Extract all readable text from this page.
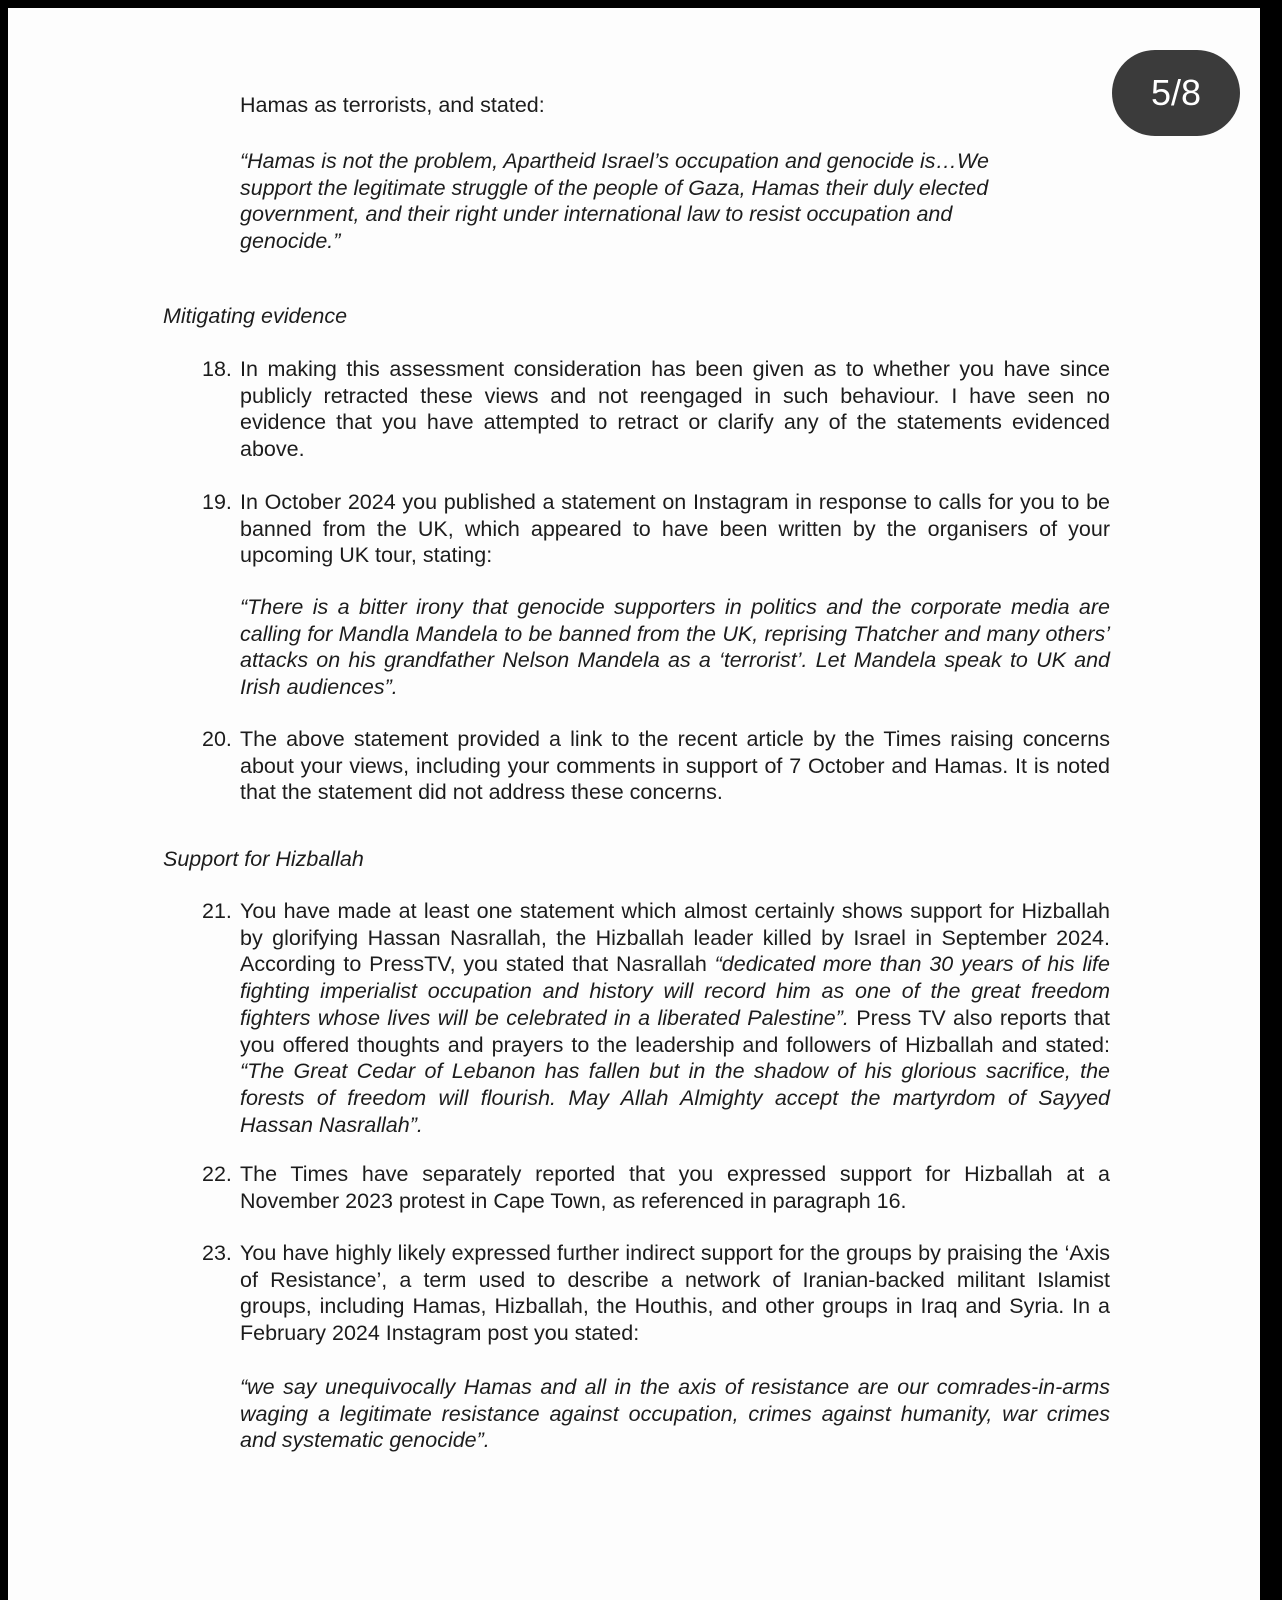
5/8
Hamas as terrorists, and stated:
“Hamas is not the problem, Apartheid Israel’s occupation and genocide is…We support the legitimate struggle of the people of Gaza, Hamas their duly elected government, and their right under international law to resist occupation and genocide.”
Mitigating evidence
18. In making this assessment consideration has been given as to whether you have since publicly retracted these views and not reengaged in such behaviour. I have seen no evidence that you have attempted to retract or clarify any of the statements evidenced above.

19. In October 2024 you published a statement on Instagram in response to calls for you to be banned from the UK, which appeared to have been written by the organisers of your upcoming UK tour, stating:

“There is a bitter irony that genocide supporters in politics and the corporate media are calling for Mandla Mandela to be banned from the UK, reprising Thatcher and many others’ attacks on his grandfather Nelson Mandela as a ‘terrorist’. Let Mandela speak to UK and Irish audiences”.
20. The above statement provided a link to the recent article by the Times raising concerns about your views, including your comments in support of 7 October and Hamas. It is noted that the statement did not address these concerns.

Support for Hizballah
21. You have made at least one statement which almost certainly shows support for Hizballah by glorifying Hassan Nasrallah, the Hizballah leader killed by Israel in September 2024. According to PressTV, you stated that Nasrallah “dedicated more than 30 years of his life fighting imperialist occupation and history will record him as one of the great freedom fighters whose lives will be celebrated in a liberated Palestine”. Press TV also reports that you offered thoughts and prayers to the leadership and followers of Hizballah and stated: “The Great Cedar of Lebanon has fallen but in the shadow of his glorious sacrifice, the forests of freedom will flourish. May Allah Almighty accept the martyrdom of Sayyed Hassan Nasrallah”.

22. The Times have separately reported that you expressed support for Hizballah at a November 2023 protest in Cape Town, as referenced in paragraph 16.

23. You have highly likely expressed further indirect support for the groups by praising the ‘Axis of Resistance’, a term used to describe a network of Iranian-backed militant Islamist groups, including Hamas, Hizballah, the Houthis, and other groups in Iraq and Syria. In a February 2024 Instagram post you stated:

“we say unequivocally Hamas and all in the axis of resistance are our comrades-in-arms waging a legitimate resistance against occupation, crimes against humanity, war crimes and systematic genocide”.
